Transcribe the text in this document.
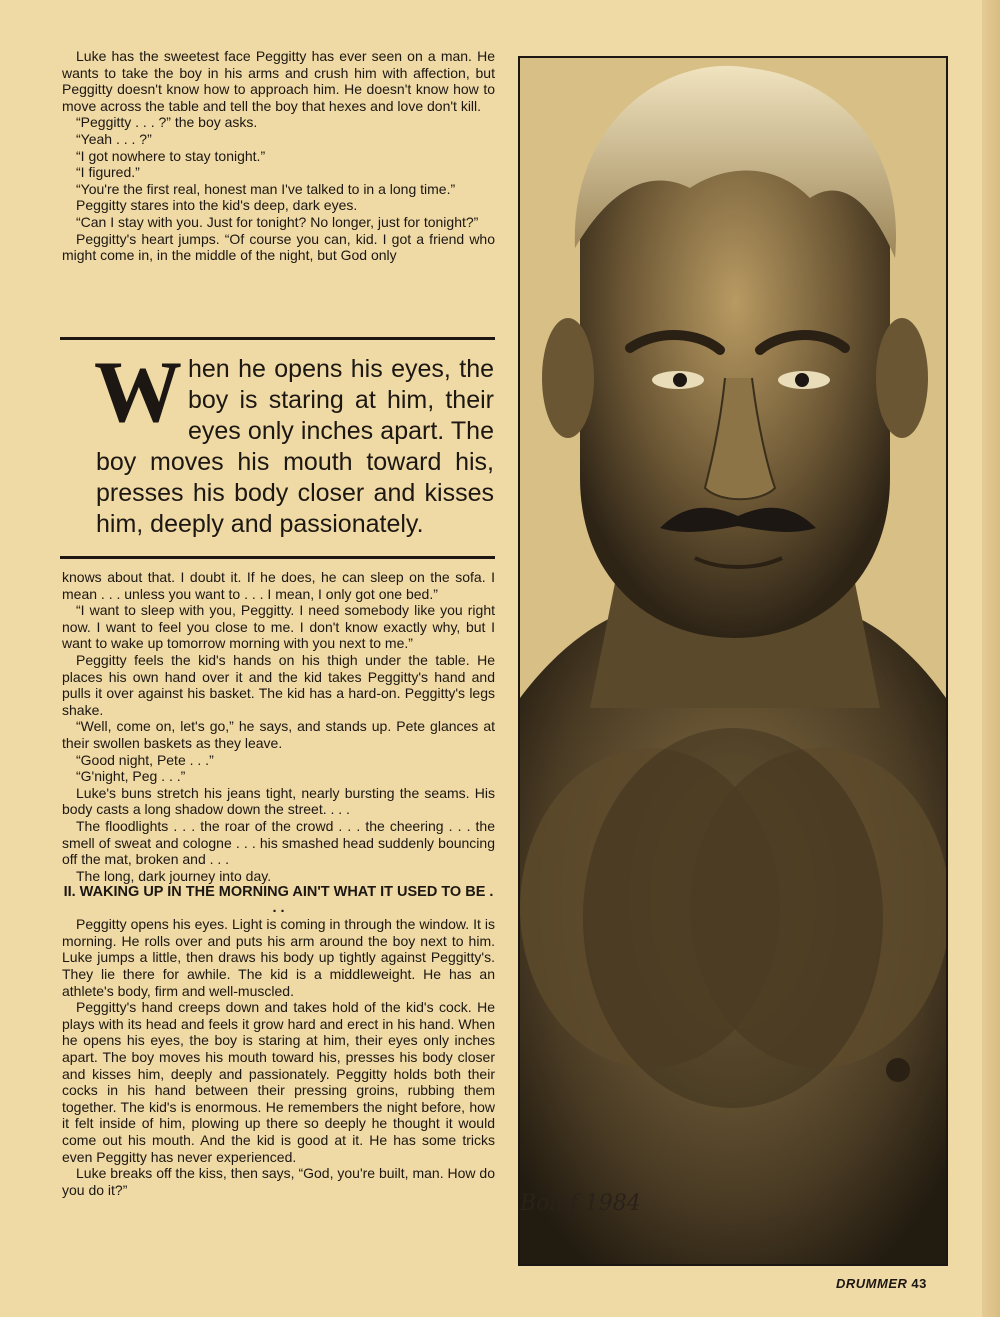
Luke has the sweetest face Peggitty has ever seen on a man. He wants to take the boy in his arms and crush him with affection, but Peggitty doesn't know how to approach him. He doesn't know how to move across the table and tell the boy that hexes and love don't kill.

“Peggitty . . . ?” the boy asks.

“Yeah . . . ?”

“I got nowhere to stay tonight.”

“I figured.”

“You're the first real, honest man I've talked to in a long time.”

Peggitty stares into the kid's deep, dark eyes.

“Can I stay with you. Just for tonight? No longer, just for tonight?”

Peggitty's heart jumps. “Of course you can, kid. I got a friend who might come in, in the middle of the night, but God only

W hen he opens his eyes, the boy is staring at him, their eyes only inches apart. The boy moves his mouth toward his, presses his body closer and kisses him, deeply and passionately.

knows about that. I doubt it. If he does, he can sleep on the sofa. I mean . . . unless you want to . . . I mean, I only got one bed.”

“I want to sleep with you, Peggitty. I need somebody like you right now. I want to feel you close to me. I don't know exactly why, but I want to wake up tomorrow morning with you next to me.”

Peggitty feels the kid's hands on his thigh under the table. He places his own hand over it and the kid takes Peggitty's hand and pulls it over against his basket. The kid has a hard-on. Peggitty's legs shake.

“Well, come on, let's go,” he says, and stands up. Pete glances at their swollen baskets as they leave.

“Good night, Pete . . .”

“G'night, Peg . . .”

Luke's buns stretch his jeans tight, nearly bursting the seams. His body casts a long shadow down the street. . . .

The floodlights . . . the roar of the crowd . . . the cheering . . . the smell of sweat and cologne . . . his smashed head suddenly bouncing off the mat, broken and . . .

The long, dark journey into day.

II. WAKING UP IN THE MORNING AIN'T WHAT IT USED TO BE . . .

Peggitty opens his eyes. Light is coming in through the window. It is morning. He rolls over and puts his arm around the boy next to him. Luke jumps a little, then draws his body up tightly against Peggitty's. They lie there for awhile. The kid is a middleweight. He has an athlete's body, firm and well-muscled.

Peggitty's hand creeps down and takes hold of the kid's cock. He plays with its head and feels it grow hard and erect in his hand. When he opens his eyes, the boy is staring at him, their eyes only inches apart. The boy moves his mouth toward his, presses his body closer and kisses him, deeply and passionately. Peggitty holds both their cocks in his hand between their pressing groins, rubbing them together. The kid's is enormous. He remembers the night before, how it felt inside of him, plowing up there so deeply he thought it would come out his mouth. And the kid is good at it. He has some tricks even Peggitty has never experienced.

Luke breaks off the kiss, then says, “God, you're built, man. How do you do it?”

Bolaf 1984
DRUMMER 43
